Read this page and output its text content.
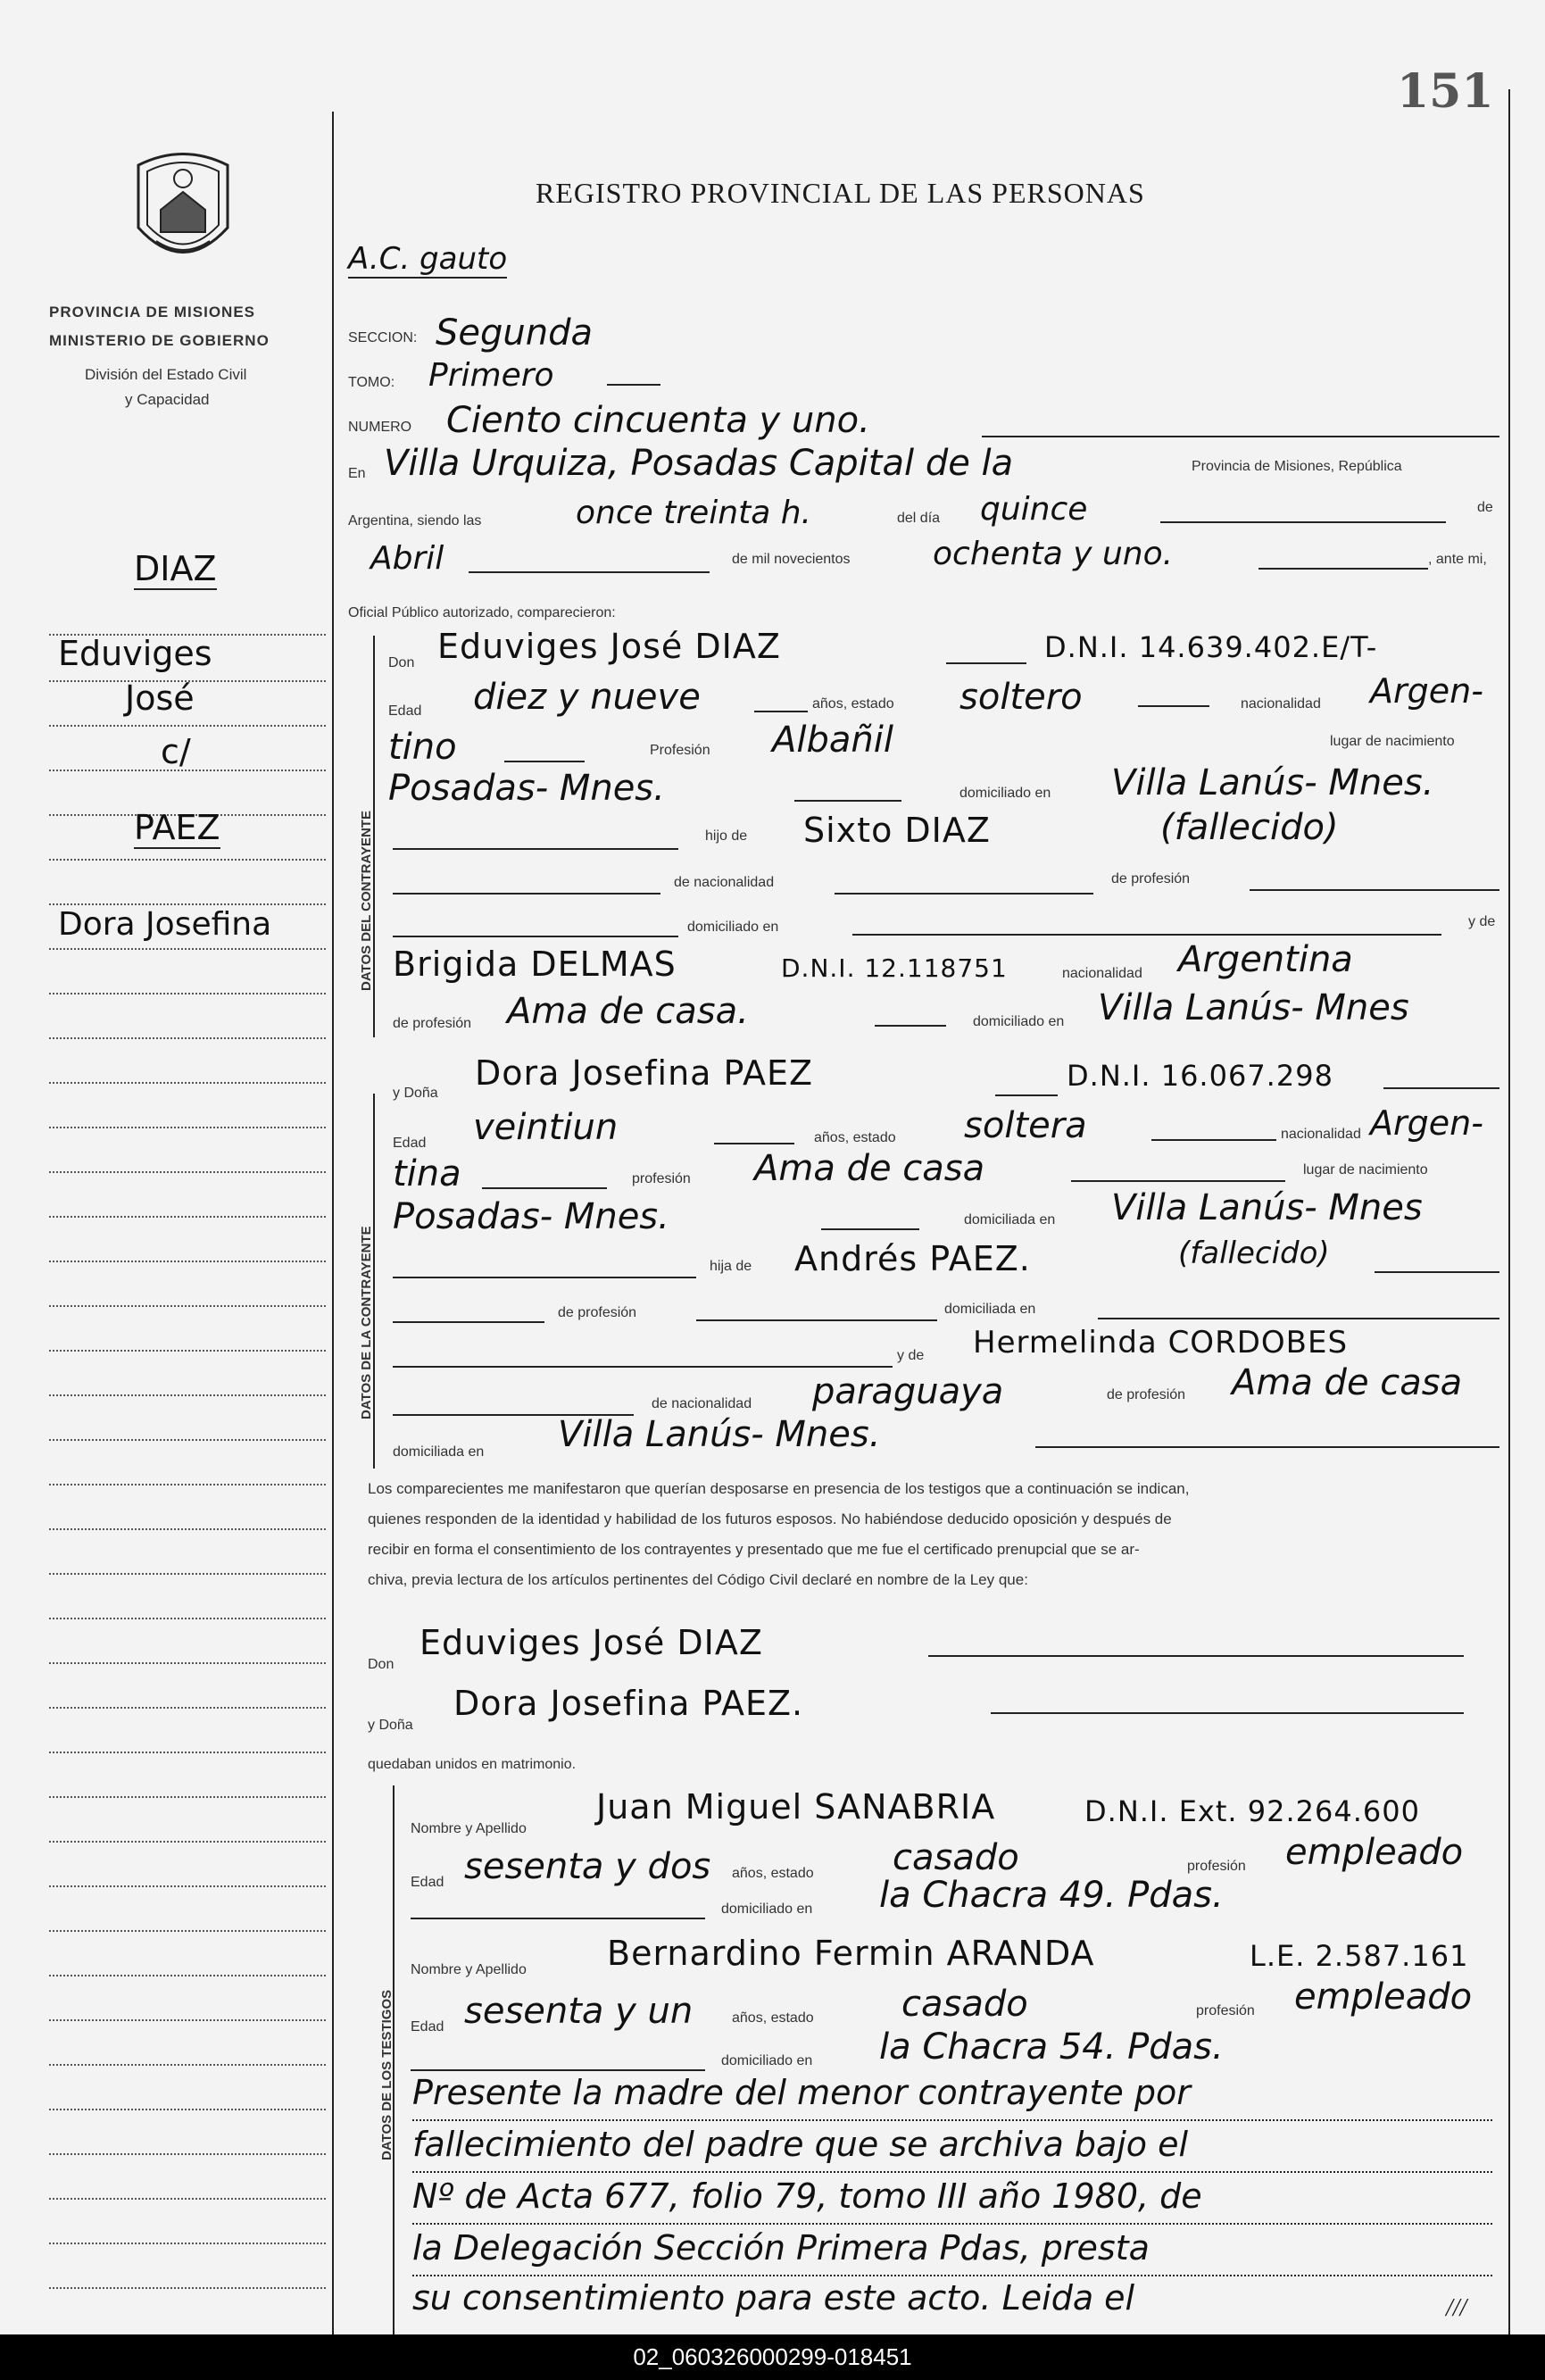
151
PROVINCIA DE MISIONES
MINISTERIO DE GOBIERNO
División del Estado Civil
y Capacidad
REGISTRO PROVINCIAL DE LAS PERSONAS
A.C. gauto
DIAZ
Eduviges
José
c/
PAEZ
Dora Josefina
SECCION: Segunda
TOMO: Primero
NUMERO Ciento cincuenta y uno.
En Villa Urquiza, Posadas Capital de la	Provincia de Misiones, República
Argentina, siendo las	once treinta h.	del día quince	de
Abril	de mil novecientos	ochenta y uno.	, ante mi,
Oficial Público autorizado, comparecieron:
DATOS DEL CONTRAYENTE
Don Eduviges José DIAZ	D.N.I. 14.639.402.E/T-
Edad diez y nueve	años, estado soltero	nacionalidad Argen-
tino	Profesión Albañil	lugar de nacimiento
Posadas- Mnes.	domiciliado en Villa Lanús- Mnes.
hijo de Sixto DIAZ	(fallecido)
de nacionalidad	de profesión
domiciliado en	y de
Brigida DELMAS	D.N.I. 12.118751	nacionalidad Argentina
de profesión Ama de casa.	domiciliado en Villa Lanús- Mnes
DATOS DE LA CONTRAYENTE
y Doña
Dora Josefina PAEZ	D.N.I. 16.067.298
Edad veintiun	años, estado soltera	nacionalidad Argen-
tina	profesión Ama de casa	lugar de nacimiento
Posadas- Mnes.	domiciliada en Villa Lanús- Mnes
hija de Andrés PAEZ.	(fallecido)
de profesión	domiciliada en
y de Hermelinda CORDOBES
de nacionalidad paraguaya	de profesión Ama de casa
domiciliada en Villa Lanús- Mnes.
Los comparecientes me manifestaron que querían desposarse en presencia de los testigos que a continuación se indican,
quienes responden de la identidad y habilidad de los futuros esposos. No habiéndose deducido oposición y después de
recibir en forma el consentimiento de los contrayentes y presentado que me fue el certificado prenupcial que se ar-
chiva, previa lectura de los artículos pertinentes del Código Civil declaré en nombre de la Ley que:
Don
Eduviges José DIAZ
y Doña
Dora Josefina PAEZ.
quedaban unidos en matrimonio.
DATOS DE LOS TESTIGOS
Nombre y Apellido
Juan Miguel SANABRIA	D.N.I. Ext. 92.264.600
Edad sesenta y dos años, estado casado	profesión empleado
domiciliado en la Chacra 49. Pdas.
Nombre y Apellido Bernardino Fermin ARANDA	L.E. 2.587.161
Edad sesenta y un	años, estado casado	profesión empleado
domiciliado en la Chacra 54. Pdas.
Presente la madre del menor contrayente por
fallecimiento del padre que se archiva bajo el
Nº de Acta 677, folio 79, tomo III año 1980, de
la Delegación Sección Primera Pdas, presta
su consentimiento para este acto. Leida el	///
02_060326000299-018451
